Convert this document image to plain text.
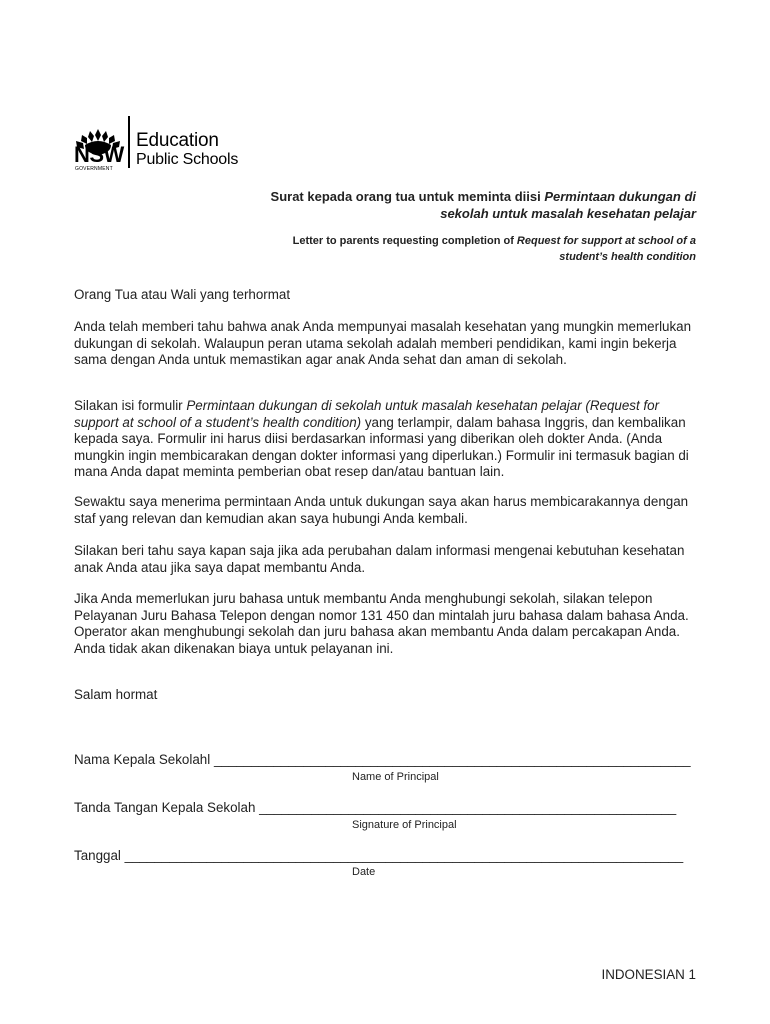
NSW
GOVERNMENT
Education
Public Schools
Surat kepada orang tua untuk meminta diisi Permintaan dukungan di sekolah untuk masalah kesehatan pelajar
Letter to parents requesting completion of Request for support at school of a student’s health condition

Orang Tua atau Wali yang terhormat

Anda telah memberi tahu bahwa anak Anda mempunyai masalah kesehatan yang mungkin memerlukan dukungan di sekolah. Walaupun peran utama sekolah adalah memberi pendidikan, kami ingin bekerja sama dengan Anda untuk memastikan agar anak Anda sehat dan aman di sekolah.

Silakan isi formulir Permintaan dukungan di sekolah untuk masalah kesehatan pelajar (Request for support at school of a student’s health condition) yang terlampir, dalam bahasa Inggris, dan kembalikan kepada saya. Formulir ini harus diisi berdasarkan informasi yang diberikan oleh dokter Anda. (Anda mungkin ingin membicarakan dengan dokter informasi yang diperlukan.) Formulir ini termasuk bagian di mana Anda dapat meminta pemberian obat resep dan/atau bantuan lain.

Sewaktu saya menerima permintaan Anda untuk dukungan saya akan harus membicarakannya dengan staf yang relevan dan kemudian akan saya hubungi Anda kembali.

Silakan beri tahu saya kapan saja jika ada perubahan dalam informasi mengenai kebutuhan kesehatan anak Anda atau jika saya dapat membantu Anda.

Jika Anda memerlukan juru bahasa untuk membantu Anda menghubungi sekolah, silakan telepon Pelayanan Juru Bahasa Telepon dengan nomor 131 450 dan mintalah juru bahasa dalam bahasa Anda. Operator akan menghubungi sekolah dan juru bahasa akan membantu Anda dalam percakapan Anda. Anda tidak akan dikenakan biaya untuk pelayanan ini.

Salam hormat

Nama Kepala Sekolahl ________________________________________________________________
Name of Principal
Tanda Tangan Kepala Sekolah ________________________________________________________
Signature of Principal
Tanggal ___________________________________________________________________________
Date
INDONESIAN 1
